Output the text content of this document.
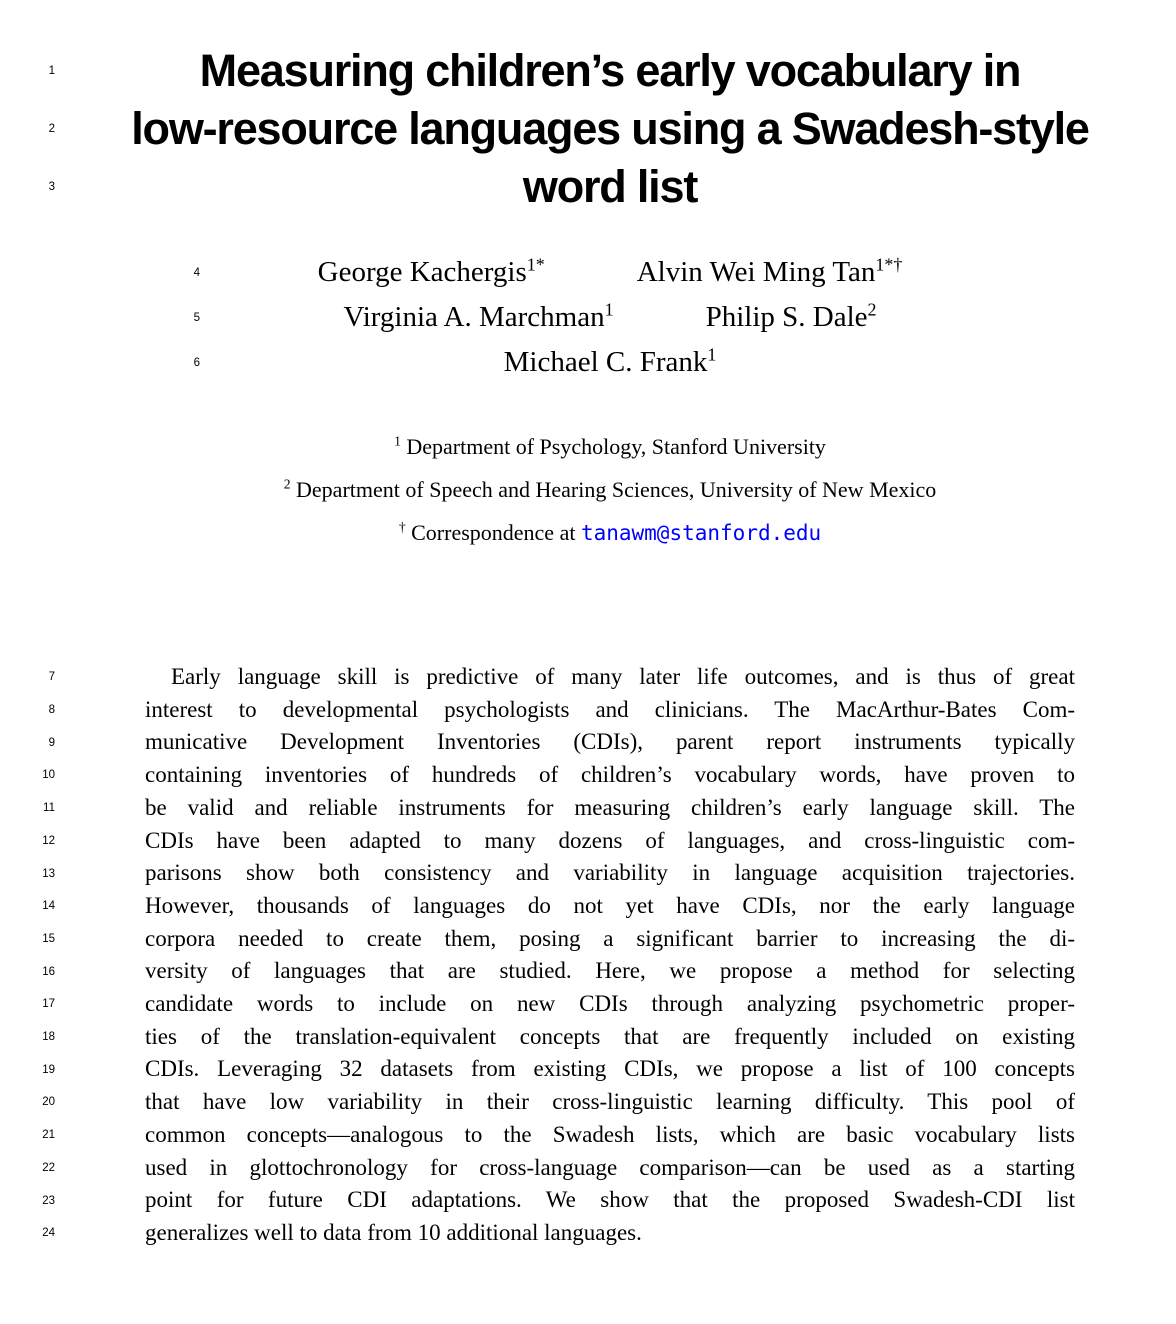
1	Measuring children’s early vocabulary in
2	low-resource languages using a Swadesh-style
3	word list
4	George Kachergis$^{1*}$	Alvin Wei Ming Tan$^{1*\dagger}$
5	Virginia A. Marchman$^1$	Philip S. Dale$^2$
6	Michael C. Frank$^1$
$^1$ Department of Psychology, Stanford University
$^2$ Department of Speech and Hearing Sciences, University of New Mexico
† Correspondence at tanawm@stanford.edu
7	Early language skill is predictive of many later life outcomes, and is thus of great
8	interest to developmental psychologists and clinicians. The MacArthur-Bates Com-
9	municative Development Inventories (CDIs), parent report instruments typically
10	containing inventories of hundreds of children’s vocabulary words, have proven to
11	be valid and reliable instruments for measuring children’s early language skill. The
12	CDIs have been adapted to many dozens of languages, and cross-linguistic com-
13	parisons show both consistency and variability in language acquisition trajectories.
14	However, thousands of languages do not yet have CDIs, nor the early language
15	corpora needed to create them, posing a significant barrier to increasing the di-
16	versity of languages that are studied. Here, we propose a method for selecting
17	candidate words to include on new CDIs through analyzing psychometric proper-
18	ties of the translation-equivalent concepts that are frequently included on existing
19	CDIs. Leveraging 32 datasets from existing CDIs, we propose a list of 100 concepts
20	that have low variability in their cross-linguistic learning difficulty. This pool of
21	common concepts—analogous to the Swadesh lists, which are basic vocabulary lists
22	used in glottochronology for cross-language comparison—can be used as a starting
23	point for future CDI adaptations. We show that the proposed Swadesh-CDI list
24	generalizes well to data from 10 additional languages.
